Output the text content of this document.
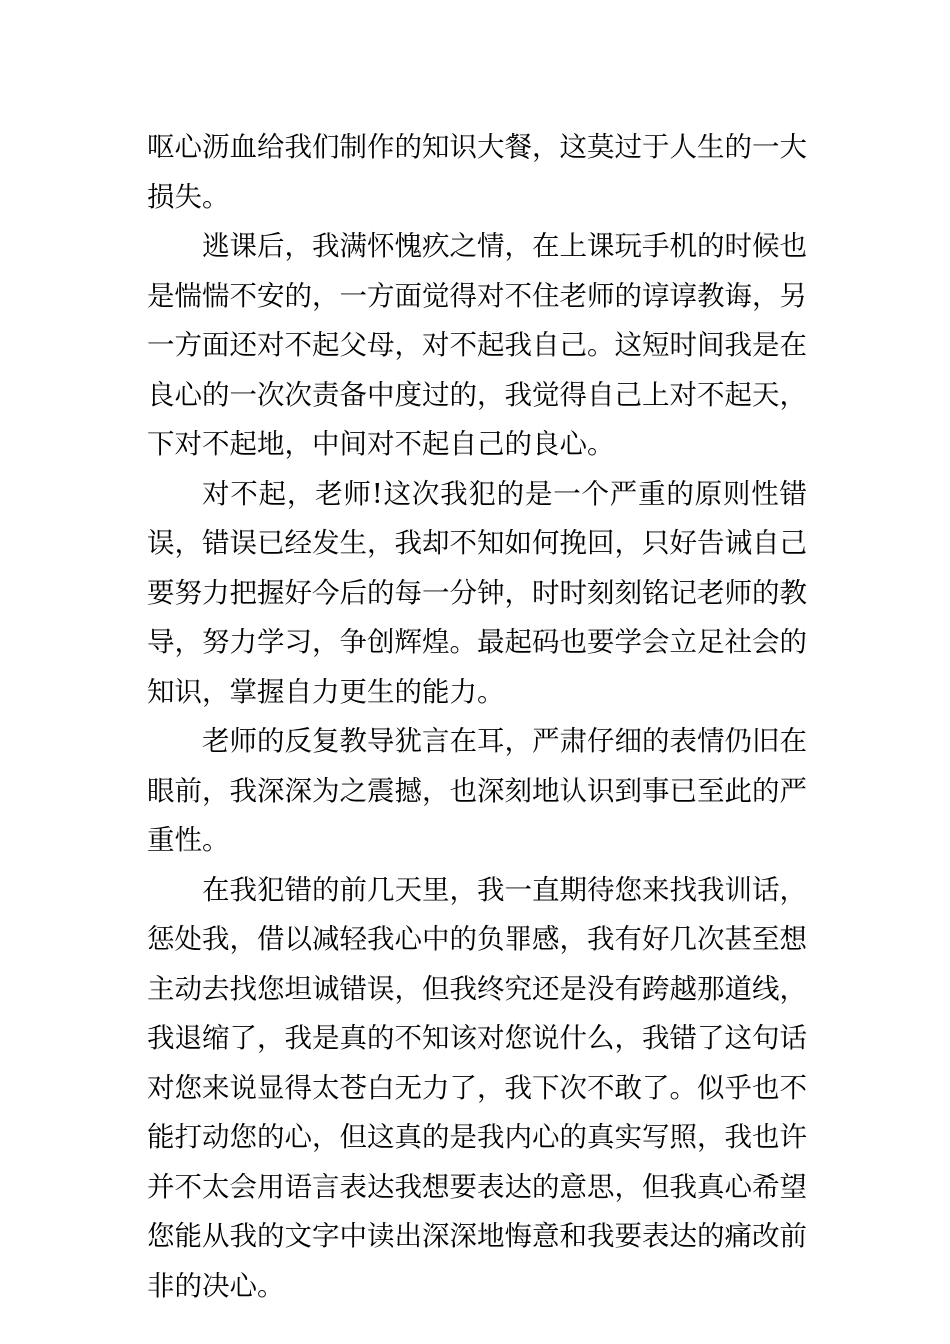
呕心沥血给我们制作的知识大餐，这莫过于人生的一大损失。

逃课后，我满怀愧疚之情，在上课玩手机的时候也是惴惴不安的，一方面觉得对不住老师的谆谆教诲，另一方面还对不起父母，对不起我自己。这短时间我是在良心的一次次责备中度过的，我觉得自己上对不起天，下对不起地，中间对不起自己的良心。

对不起，老师!这次我犯的是一个严重的原则性错误，错误已经发生，我却不知如何挽回，只好告诫自己要努力把握好今后的每一分钟，时时刻刻铭记老师的教导，努力学习，争创辉煌。最起码也要学会立足社会的知识，掌握自力更生的能力。

老师的反复教导犹言在耳，严肃仔细的表情仍旧在眼前，我深深为之震撼，也深刻地认识到事已至此的严重性。

在我犯错的前几天里，我一直期待您来找我训话，惩处我，借以减轻我心中的负罪感，我有好几次甚至想主动去找您坦诚错误，但我终究还是没有跨越那道线，我退缩了，我是真的不知该对您说什么，我错了这句话对您来说显得太苍白无力了，我下次不敢了。似乎也不能打动您的心，但这真的是我内心的真实写照，我也许并不太会用语言表达我想要表达的意思，但我真心希望您能从我的文字中读出深深地悔意和我要表达的痛改前非的决心。
